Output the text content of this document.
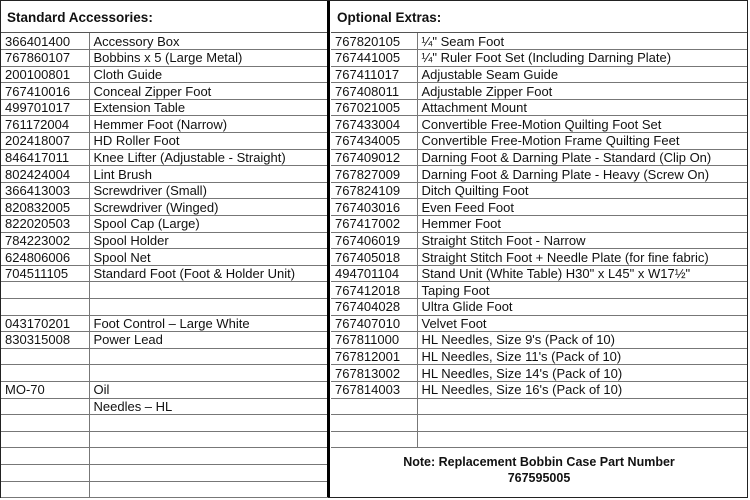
Standard Accessories:
366401400	Accessory Box
767860107	Bobbins x 5 (Large Metal)
200100801	Cloth Guide
767410016	Conceal Zipper Foot
499701017	Extension Table
761172004	Hemmer Foot (Narrow)
202418007	HD Roller Foot
846417011	Knee Lifter (Adjustable - Straight)
802424004	Lint Brush
366413003	Screwdriver (Small)
820832005	Screwdriver (Winged)
822020503	Spool Cap (Large)
784223002	Spool Holder
624806006	Spool Net
704511105	Standard Foot (Foot & Holder Unit)

043170201	Foot Control – Large White
830315008	Power Lead

MO-70	Oil
	Needles – HL

Optional Extras:
767820105	¼" Seam Foot
767441005	¼" Ruler Foot Set (Including Darning Plate)
767411017	Adjustable Seam Guide
767408011	Adjustable Zipper Foot
767021005	Attachment Mount
767433004	Convertible Free-Motion Quilting Foot Set
767434005	Convertible Free-Motion Frame Quilting Feet
767409012	Darning Foot & Darning Plate - Standard (Clip On)
767827009	Darning Foot & Darning Plate - Heavy (Screw On)
767824109	Ditch Quilting Foot
767403016	Even Feed Foot
767417002	Hemmer Foot
767406019	Straight Stitch Foot - Narrow
767405018	Straight Stitch Foot + Needle Plate (for fine fabric)
494701104	Stand Unit (White Table) H30" x L45" x W17½"
767412018	Taping Foot
767404028	Ultra Glide Foot
767407010	Velvet Foot
767811000	HL Needles, Size 9's (Pack of 10)
767812001	HL Needles, Size 11's (Pack of 10)
767813002	HL Needles, Size 14's (Pack of 10)
767814003	HL Needles, Size 16's (Pack of 10)

Note: Replacement Bobbin Case Part Number
767595005
